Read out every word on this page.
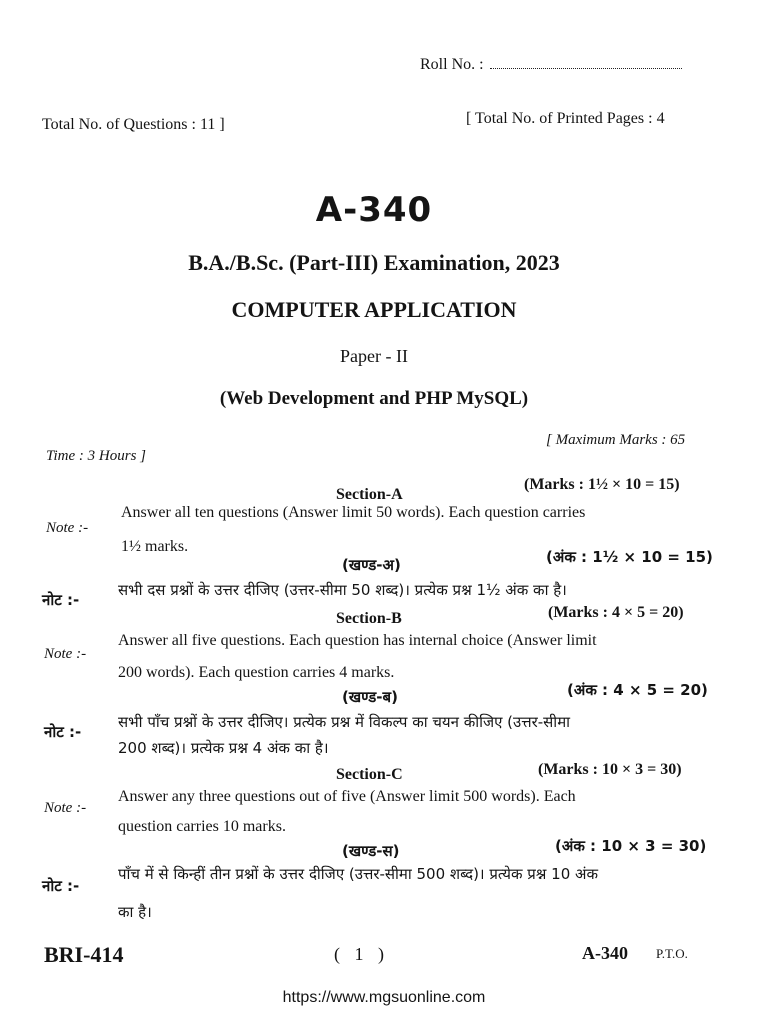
Roll No. :
Total No. of Questions : 11 ]	[ Total No. of Printed Pages : 4
A-340
B.A./B.Sc. (Part-III) Examination, 2023
COMPUTER APPLICATION
Paper - II
(Web Development and PHP MySQL)
Time : 3 Hours ]
[ Maximum Marks : 65
Section-A
(Marks : 1½ × 10 = 15)
Note :-
Answer all ten questions (Answer limit 50 words). Each question carries
1½ marks.
(खण्ड-अ)	(अंक : 1½ × 10 = 15)
नोट :-
सभी दस प्रश्नों के उत्तर दीजिए (उत्तर-सीमा 50 शब्द)। प्रत्येक प्रश्न 1½ अंक का है।
Section-B	(Marks : 4 × 5 = 20)
Note :-
Answer all five questions. Each question has internal choice (Answer limit
200 words). Each question carries 4 marks.
(खण्ड-ब)	(अंक : 4 × 5 = 20)
नोट :-
सभी पाँच प्रश्नों के उत्तर दीजिए। प्रत्येक प्रश्न में विकल्प का चयन कीजिए (उत्तर-सीमा
200 शब्द)। प्रत्येक प्रश्न 4 अंक का है।
Section-C	(Marks : 10 × 3 = 30)
Note :-
Answer any three questions out of five (Answer limit 500 words). Each
question carries 10 marks.
(खण्ड-स)	(अंक : 10 × 3 = 30)
नोट :-
पाँच में से किन्हीं तीन प्रश्नों के उत्तर दीजिए (उत्तर-सीमा 500 शब्द)। प्रत्येक प्रश्न 10 अंक
का है।
BRI-414	( 1 )	A-340 P.T.O.
https://www.mgsuonline.com
